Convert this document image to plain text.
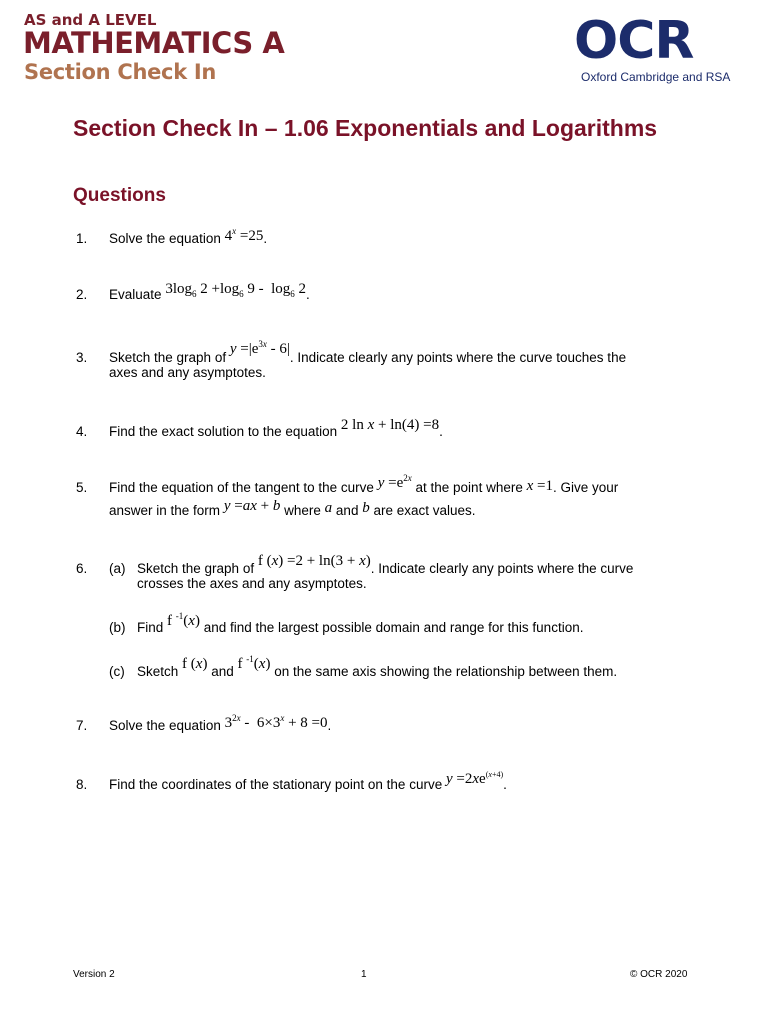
AS and A LEVEL
MATHEMATICS A
Section Check In
OCR
Oxford Cambridge and RSA
Section Check In – 1.06 Exponentials and Logarithms
Questions
1. Solve the equation $4^x =25$.
2. Evaluate $3\log_6$ $2 +\log_6$ $9 - \log_6 2$.
3. Sketch the graph of $y =|e^{3x} - 6|$. Indicate clearly any points where the curve touches the
axes and any asymptotes.
4. Find the exact solution to the equation 2 ln x + ln(4) =8.
5. Find the equation of the tangent to the curve $y =e^{2x}$ at the point where x =1. Give your
answer in the form y =ax + b where a and b are exact values.
6. (a) Sketch the graph of f (x) =2 + ln(3 + x). Indicate clearly any points where the curve
crosses the axes and any asymptotes.
(b) Find f $^{-1}$(x) and find the largest possible domain and range for this function.
(c) Sketch f (x) and f $^{-1}$(x) on the same axis showing the relationship between them.
7. Solve the equation $3^{2x} - 6\times 3^x + 8 =0$.
8. Find the coordinates of the stationary point on the curve $y =2xe^{(x+4)}$.
Version 2	1	© OCR 2020
